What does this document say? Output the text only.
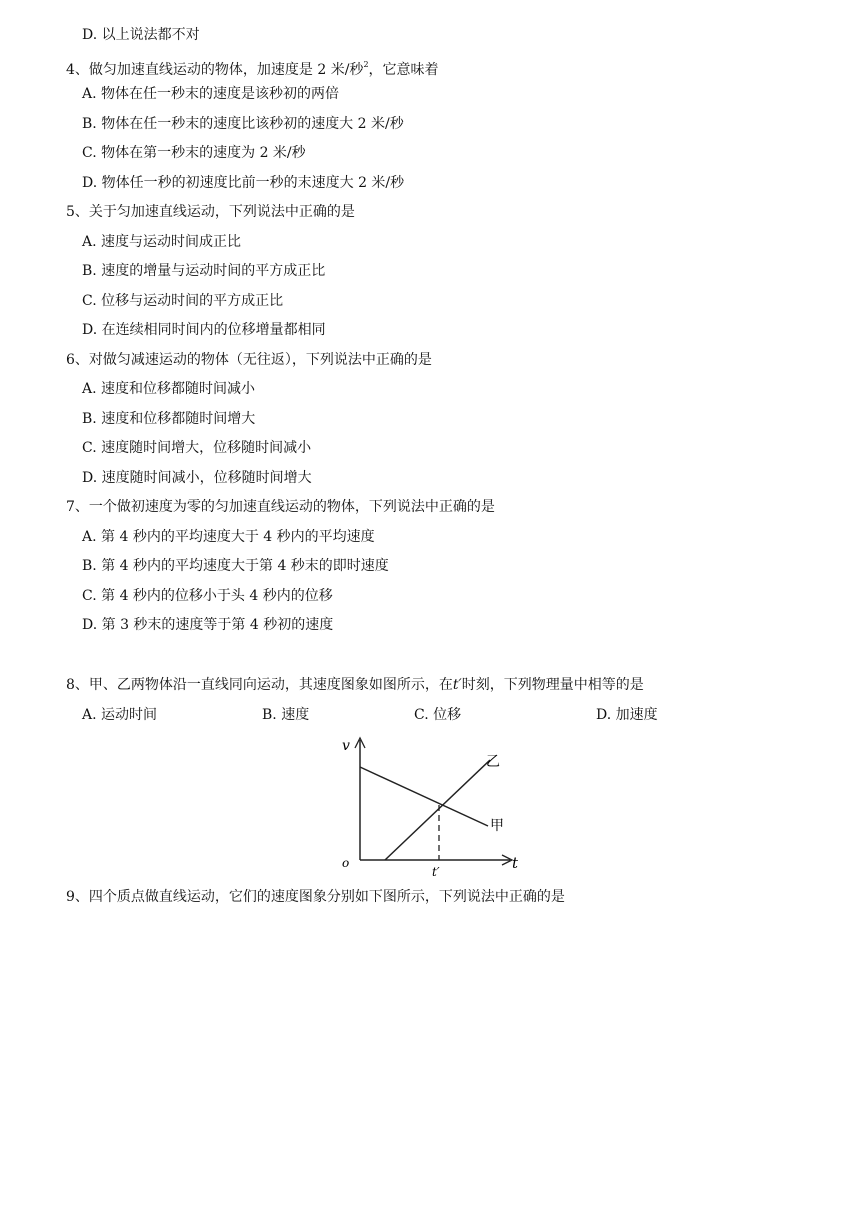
D. 以上说法都不对
4、做匀加速直线运动的物体，加速度是 2 米/秒$^2$，它意味着
A. 物体在任一秒末的速度是该秒初的两倍
B. 物体在任一秒末的速度比该秒初的速度大 2 米/秒
C. 物体在第一秒末的速度为 2 米/秒
D. 物体任一秒的初速度比前一秒的末速度大 2 米/秒
5、关于匀加速直线运动，下列说法中正确的是
A. 速度与运动时间成正比
B. 速度的增量与运动时间的平方成正比
C. 位移与运动时间的平方成正比
D. 在连续相同时间内的位移增量都相同
6、对做匀减速运动的物体（无往返），下列说法中正确的是
A. 速度和位移都随时间减小
B. 速度和位移都随时间增大
C. 速度随时间增大，位移随时间减小
D. 速度随时间减小，位移随时间增大
7、一个做初速度为零的匀加速直线运动的物体，下列说法中正确的是
A. 第 4 秒内的平均速度大于 4 秒内的平均速度
B. 第 4 秒内的平均速度大于第 4 秒末的即时速度
C. 第 4 秒内的位移小于头 4 秒内的位移
D. 第 3 秒末的速度等于第 4 秒初的速度
8、甲、乙两物体沿一直线同向运动，其速度图象如图所示，在t′时刻，下列物理量中相等的是
A. 运动时间	B. 速度	C. 位移	D. 加速度
v
t
o
t′
甲
乙
9、四个质点做直线运动，它们的速度图象分别如下图所示，下列说法中正确的是
